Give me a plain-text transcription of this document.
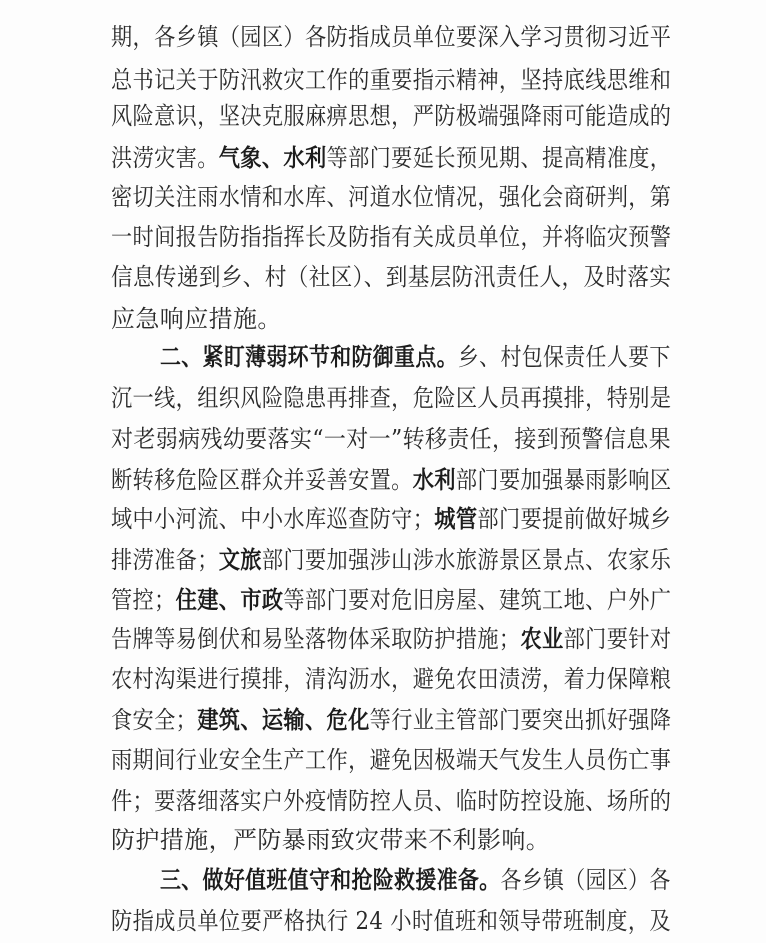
期，各乡镇（园区）各防指成员单位要深入学习贯彻习近平
总书记关于防汛救灾工作的重要指示精神，坚持底线思维和
风险意识，坚决克服麻痹思想，严防极端强降雨可能造成的
洪涝灾害。气象、水利等部门要延长预见期、提高精准度，
密切关注雨水情和水库、河道水位情况，强化会商研判，第
一时间报告防指指挥长及防指有关成员单位，并将临灾预警
信息传递到乡、村（社区）、到基层防汛责任人，及时落实
应急响应措施。
二、紧盯薄弱环节和防御重点。乡、村包保责任人要下
沉一线，组织风险隐患再排查，危险区人员再摸排，特别是
对老弱病残幼要落实“一对一”转移责任，接到预警信息果
断转移危险区群众并妥善安置。水利部门要加强暴雨影响区
域中小河流、中小水库巡查防守；城管部门要提前做好城乡
排涝准备；文旅部门要加强涉山涉水旅游景区景点、农家乐
管控；住建、市政等部门要对危旧房屋、建筑工地、户外广
告牌等易倒伏和易坠落物体采取防护措施；农业部门要针对
农村沟渠进行摸排，清沟沥水，避免农田渍涝，着力保障粮
食安全；建筑、运输、危化等行业主管部门要突出抓好强降
雨期间行业安全生产工作，避免因极端天气发生人员伤亡事
件；要落细落实户外疫情防控人员、临时防控设施、场所的
防护措施，严防暴雨致灾带来不利影响。
三、做好值班值守和抢险救援准备。各乡镇（园区）各
防指成员单位要严格执行 24 小时值班和领导带班制度，及
